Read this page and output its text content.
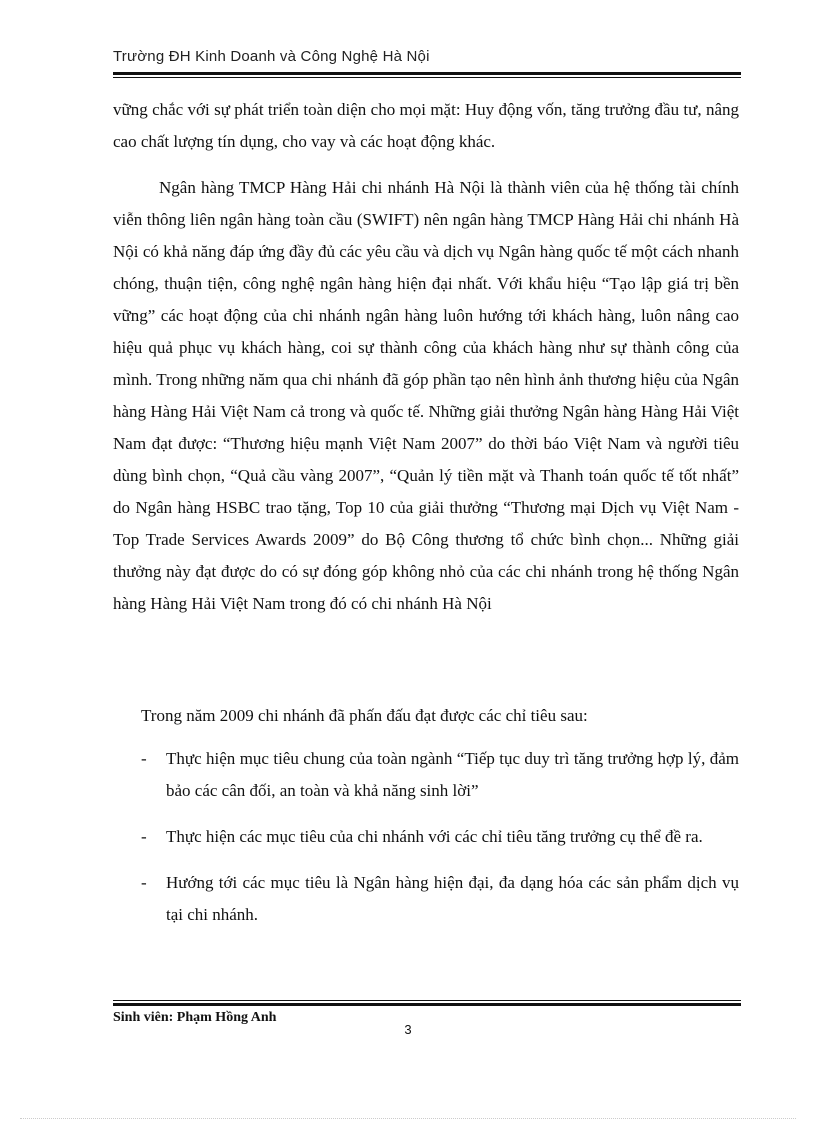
Trường ĐH Kinh Doanh và Công Nghệ Hà Nội

vững chắc với sự phát triển toàn diện cho mọi mặt: Huy động vốn, tăng trưởng đầu tư, nâng cao chất lượng tín dụng, cho vay và các hoạt động khác.

Ngân hàng TMCP Hàng Hải chi nhánh Hà Nội là thành viên của hệ thống tài chính viễn thông liên ngân hàng toàn cầu (SWIFT) nên ngân hàng TMCP Hàng Hải chi nhánh Hà Nội có khả năng đáp ứng đầy đủ các yêu cầu và dịch vụ Ngân hàng quốc tế một cách nhanh chóng, thuận tiện, công nghệ ngân hàng hiện đại nhất. Với khẩu hiệu “Tạo lập giá trị bền vững” các hoạt động của chi nhánh ngân hàng luôn hướng tới khách hàng, luôn nâng cao hiệu quả phục vụ khách hàng, coi sự thành công của khách hàng như sự thành công của mình. Trong những năm qua chi nhánh đã góp phần tạo nên hình ảnh thương hiệu của Ngân hàng Hàng Hải Việt Nam cả trong và quốc tế. Những giải thưởng Ngân hàng Hàng Hải Việt Nam đạt được: “Thương hiệu mạnh Việt Nam 2007” do thời báo Việt Nam và người tiêu dùng bình chọn, “Quả cầu vàng 2007”, “Quản lý tiền mặt và Thanh toán quốc tế tốt nhất” do Ngân hàng HSBC trao tặng, Top 10 của giải thưởng “Thương mại Dịch vụ Việt Nam - Top Trade Services Awards 2009” do Bộ Công thương tổ chức bình chọn... Những giải thưởng này đạt được do có sự đóng góp không nhỏ của các chi nhánh trong hệ thống Ngân hàng Hàng Hải Việt Nam trong đó có chi nhánh Hà Nội

Trong năm 2009 chi nhánh đã phấn đấu đạt được các chỉ tiêu sau:

- Thực hiện mục tiêu chung của toàn ngành “Tiếp tục duy trì tăng trưởng hợp lý, đảm bảo các cân đối, an toàn và khả năng sinh lời”
- Thực hiện các mục tiêu của chi nhánh với các chỉ tiêu tăng trưởng cụ thể đề ra.
- Hướng tới các mục tiêu là Ngân hàng hiện đại, đa dạng hóa các sản phẩm dịch vụ tại chi nhánh.
Sinh viên: Phạm Hồng Anh
3
